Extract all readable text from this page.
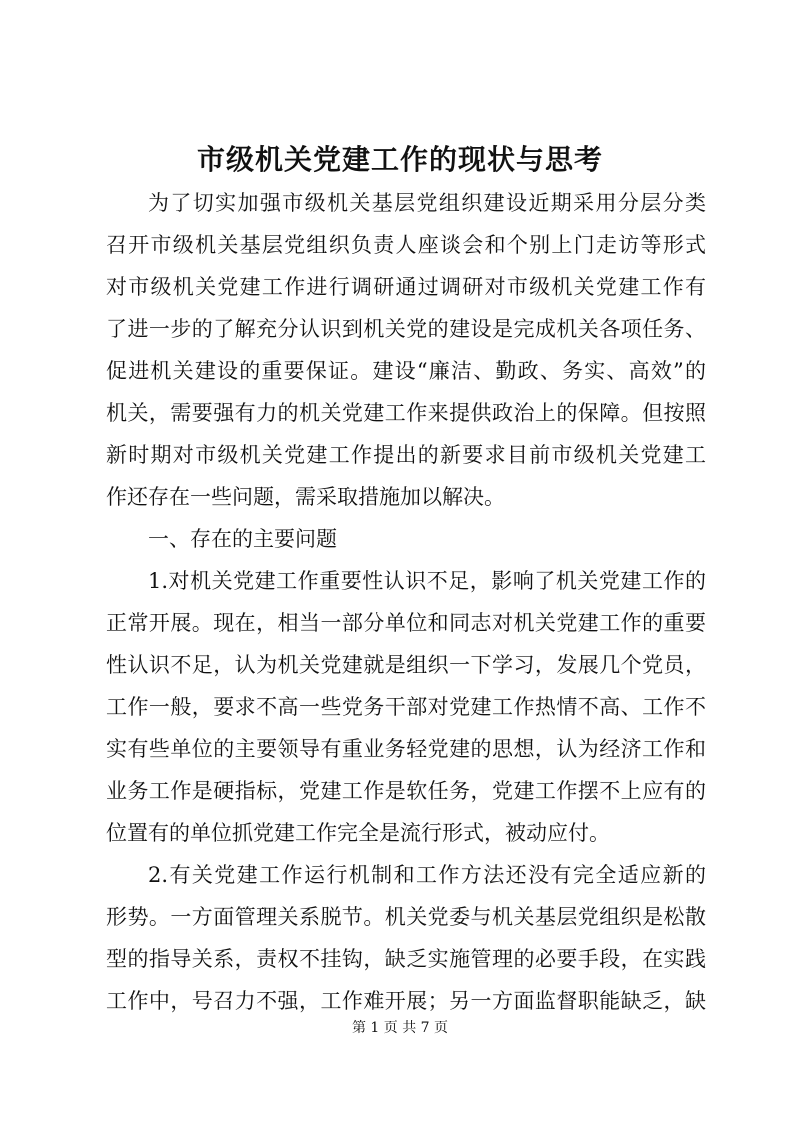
市级机关党建工作的现状与思考

为了切实加强市级机关基层党组织建设近期采用分层分类

召开市级机关基层党组织负责人座谈会和个别上门走访等形式

对市级机关党建工作进行调研通过调研对市级机关党建工作有

了进一步的了解充分认识到机关党的建设是完成机关各项任务、

促进机关建设的重要保证。建设“廉洁、勤政、务实、高效”的

机关，需要强有力的机关党建工作来提供政治上的保障。但按照

新时期对市级机关党建工作提出的新要求目前市级机关党建工

作还存在一些问题，需采取措施加以解决。

一、存在的主要问题

1.对机关党建工作重要性认识不足，影响了机关党建工作的

正常开展。现在，相当一部分单位和同志对机关党建工作的重要

性认识不足，认为机关党建就是组织一下学习，发展几个党员，

工作一般，要求不高一些党务干部对党建工作热情不高、工作不

实有些单位的主要领导有重业务轻党建的思想，认为经济工作和

业务工作是硬指标，党建工作是软任务，党建工作摆不上应有的

位置有的单位抓党建工作完全是流行形式，被动应付。

2.有关党建工作运行机制和工作方法还没有完全适应新的

形势。一方面管理关系脱节。机关党委与机关基层党组织是松散

型的指导关系，责权不挂钩，缺乏实施管理的必要手段，在实践

工作中，号召力不强，工作难开展；另一方面监督职能缺乏，缺

第 1 页 共 7 页
